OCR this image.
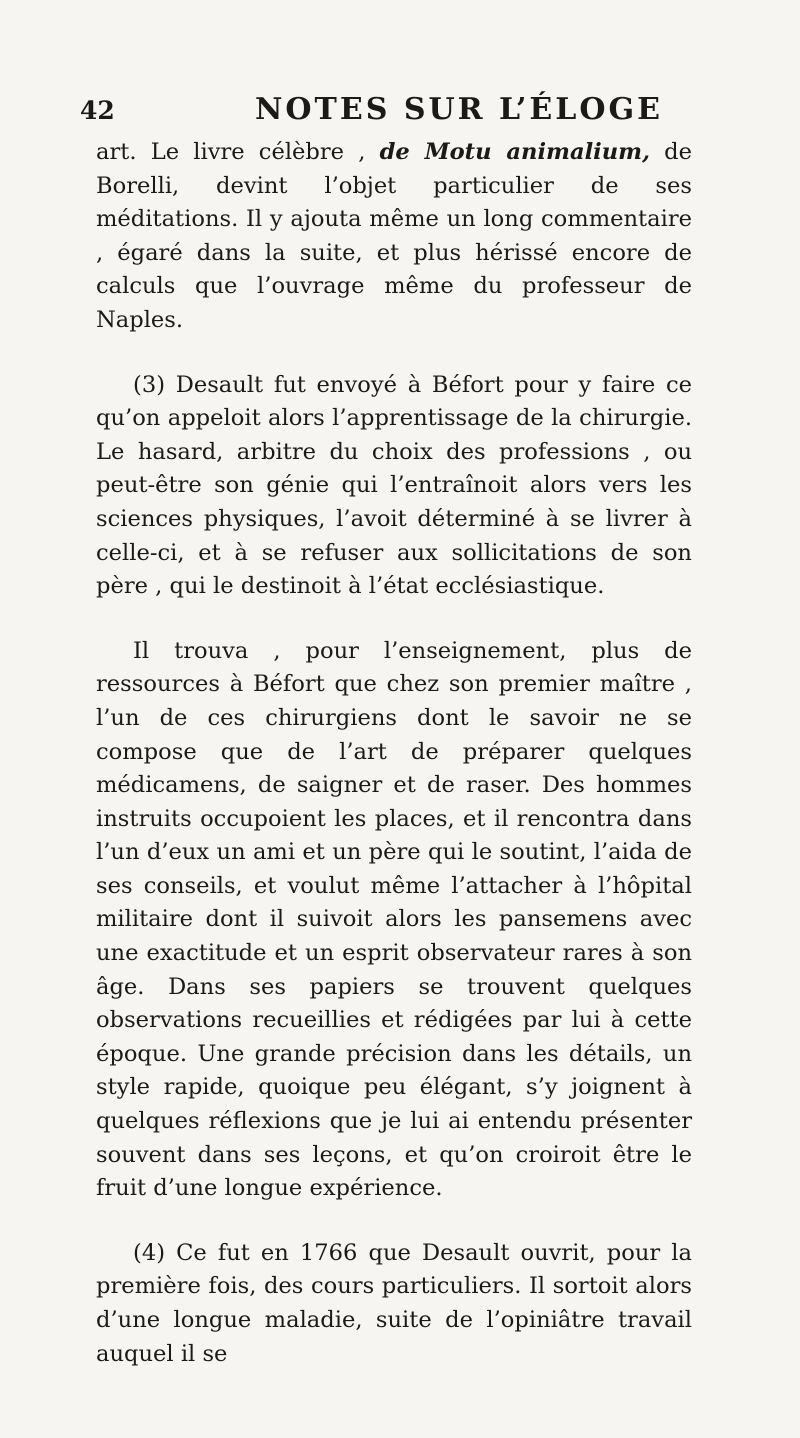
42	NOTES SUR L’ÉLOGE

art. Le livre célèbre , de Motu animalium, de Borelli, devint l’objet particulier de ses méditations. Il y ajouta même un long commentaire , égaré dans la suite, et plus hérissé encore de calculs que l’ouvrage même du professeur de Naples.

(3) Desault fut envoyé à Béfort pour y faire ce qu’on appeloit alors l’apprentissage de la chirurgie. Le hasard, arbitre du choix des professions , ou peut-être son génie qui l’entraînoit alors vers les sciences physiques, l’avoit déterminé à se livrer à celle-ci, et à se refuser aux sollicitations de son père , qui le destinoit à l’état ecclésiastique.

Il trouva , pour l’enseignement, plus de ressources à Béfort que chez son premier maître , l’un de ces chirurgiens dont le savoir ne se compose que de l’art de préparer quelques médicamens, de saigner et de raser. Des hommes instruits occupoient les places, et il rencontra dans l’un d’eux un ami et un père qui le soutint, l’aida de ses conseils, et voulut même l’attacher à l’hôpital militaire dont il suivoit alors les pansemens avec une exactitude et un esprit observateur rares à son âge. Dans ses papiers se trouvent quelques observations recueillies et rédigées par lui à cette époque. Une grande précision dans les détails, un style rapide, quoique peu élégant, s’y joignent à quelques réflexions que je lui ai entendu présenter souvent dans ses leçons, et qu’on croiroit être le fruit d’une longue expérience.

(4) Ce fut en 1766 que Desault ouvrit, pour la première fois, des cours particuliers. Il sortoit alors d’une longue maladie, suite de l’opiniâtre travail auquel il se
